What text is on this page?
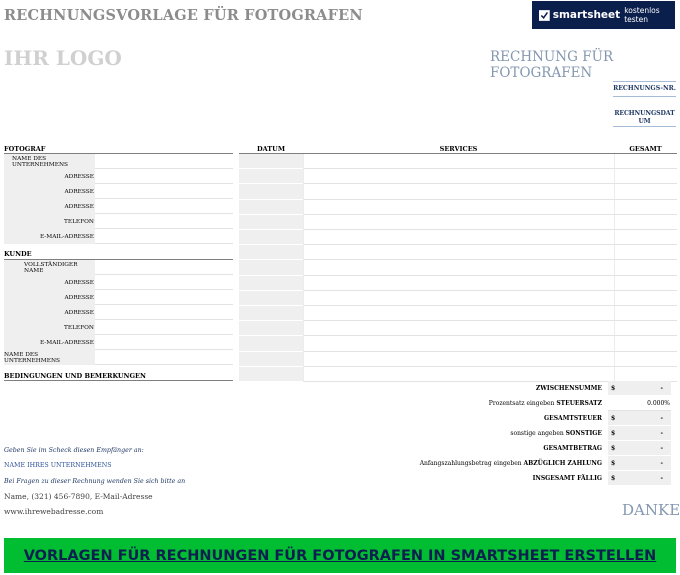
RECHNUNGSVORLAGE FÜR FOTOGRAFEN	smartsheet kostenlos testen
IHR LOGO	RECHNUNG FÜR FOTOGRAFEN
RECHNUNGS-NR.
RECHNUNGSDATUM
FOTOGRAF
NAME DES UNTERNEHMENS
ADRESSE
ADRESSE
ADRESSE
TELEFON
E-MAIL-ADRESSE
KUNDE
VOLLSTÄNDIGER NAME
ADRESSE
ADRESSE
ADRESSE
TELEFON
E-MAIL-ADRESSE
NAME DES UNTERNEHMENS
BEDINGUNGEN UND BEMERKUNGEN
DATUM	SERVICES	GESAMT
ZWISCHENSUMME	$	-
Prozentsatz eingeben STEUERSATZ	0.000%
GESAMTSTEUER	$	-
sonstige angeben SONSTIGE	$	-
GESAMTBETRAG	$	-
Anfangszahlungsbetrag eingeben ABZÜGLICH ZAHLUNG	$	-
INSGESAMT FÄLLIG	$	-
Geben Sie im Scheck diesen Empfänger an:
NAME IHRES UNTERNEHMENS
Bei Fragen zu dieser Rechnung wenden Sie sich bitte an
Name, (321) 456-7890, E-Mail-Adresse
www.ihrewebadresse.com	DANKE
VORLAGEN FÜR RECHNUNGEN FÜR FOTOGRAFEN IN SMARTSHEET ERSTELLEN
